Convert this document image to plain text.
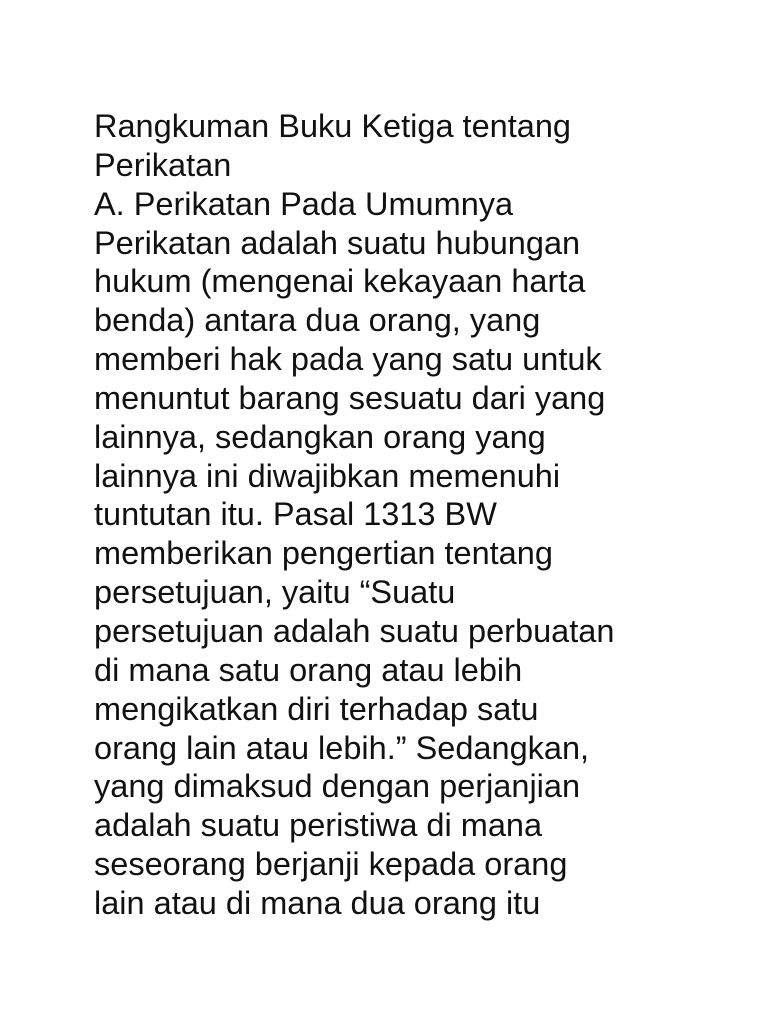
Rangkuman Buku Ketiga tentang
Perikatan
A. Perikatan Pada Umumnya
Perikatan adalah suatu hubungan
hukum (mengenai kekayaan harta
benda) antara dua orang, yang
memberi hak pada yang satu untuk
menuntut barang sesuatu dari yang
lainnya, sedangkan orang yang
lainnya ini diwajibkan memenuhi
tuntutan itu. Pasal 1313 BW
memberikan pengertian tentang
persetujuan, yaitu “Suatu
persetujuan adalah suatu perbuatan
di mana satu orang atau lebih
mengikatkan diri terhadap satu
orang lain atau lebih.” Sedangkan,
yang dimaksud dengan perjanjian
adalah suatu peristiwa di mana
seseorang berjanji kepada orang
lain atau di mana dua orang itu
